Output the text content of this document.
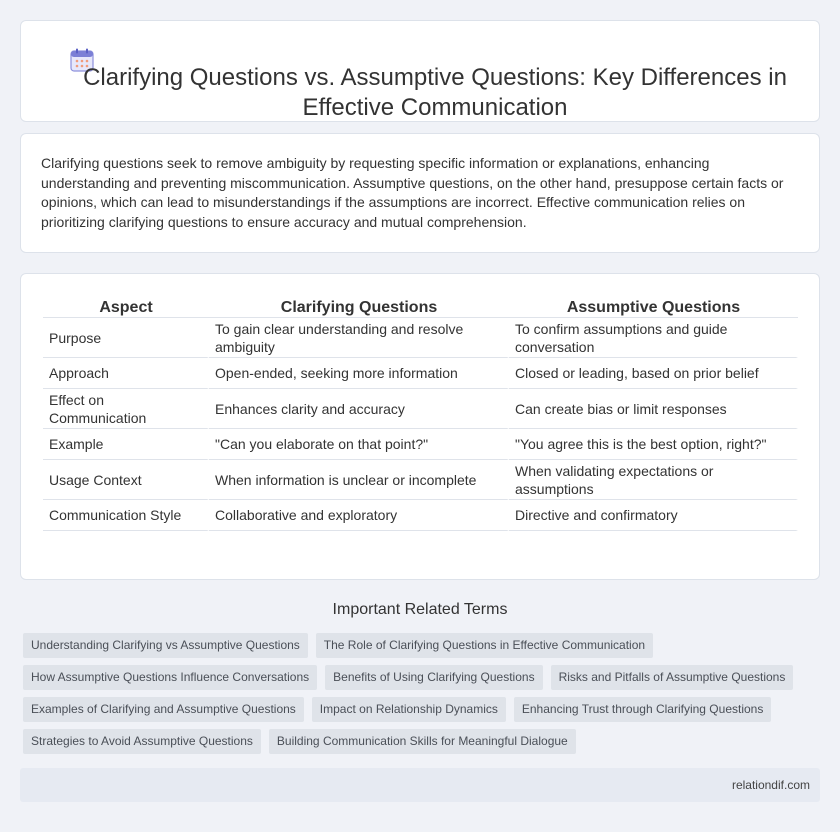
Clarifying Questions vs. Assumptive Questions: Key Differences in Effective Communication

Clarifying questions seek to remove ambiguity by requesting specific information or explanations, enhancing understanding and preventing miscommunication. Assumptive questions, on the other hand, presuppose certain facts or opinions, which can lead to misunderstandings if the assumptions are incorrect. Effective communication relies on prioritizing clarifying questions to ensure accuracy and mutual comprehension.

Aspect	Clarifying Questions	Assumptive Questions
Purpose	To gain clear understanding and resolve ambiguity	To confirm assumptions and guide conversation
Approach	Open-ended, seeking more information	Closed or leading, based on prior belief
Effect on Communication	Enhances clarity and accuracy	Can create bias or limit responses
Example	"Can you elaborate on that point?"	"You agree this is the best option, right?"
Usage Context	When information is unclear or incomplete	When validating expectations or assumptions
Communication Style	Collaborative and exploratory	Directive and confirmatory
Important Related Terms
Understanding Clarifying vs Assumptive Questions	The Role of Clarifying Questions in Effective Communication
How Assumptive Questions Influence Conversations	Benefits of Using Clarifying Questions	Risks and Pitfalls of Assumptive Questions
Examples of Clarifying and Assumptive Questions	Impact on Relationship Dynamics	Enhancing Trust through Clarifying Questions
Strategies to Avoid Assumptive Questions	Building Communication Skills for Meaningful Dialogue
relationdif.com
